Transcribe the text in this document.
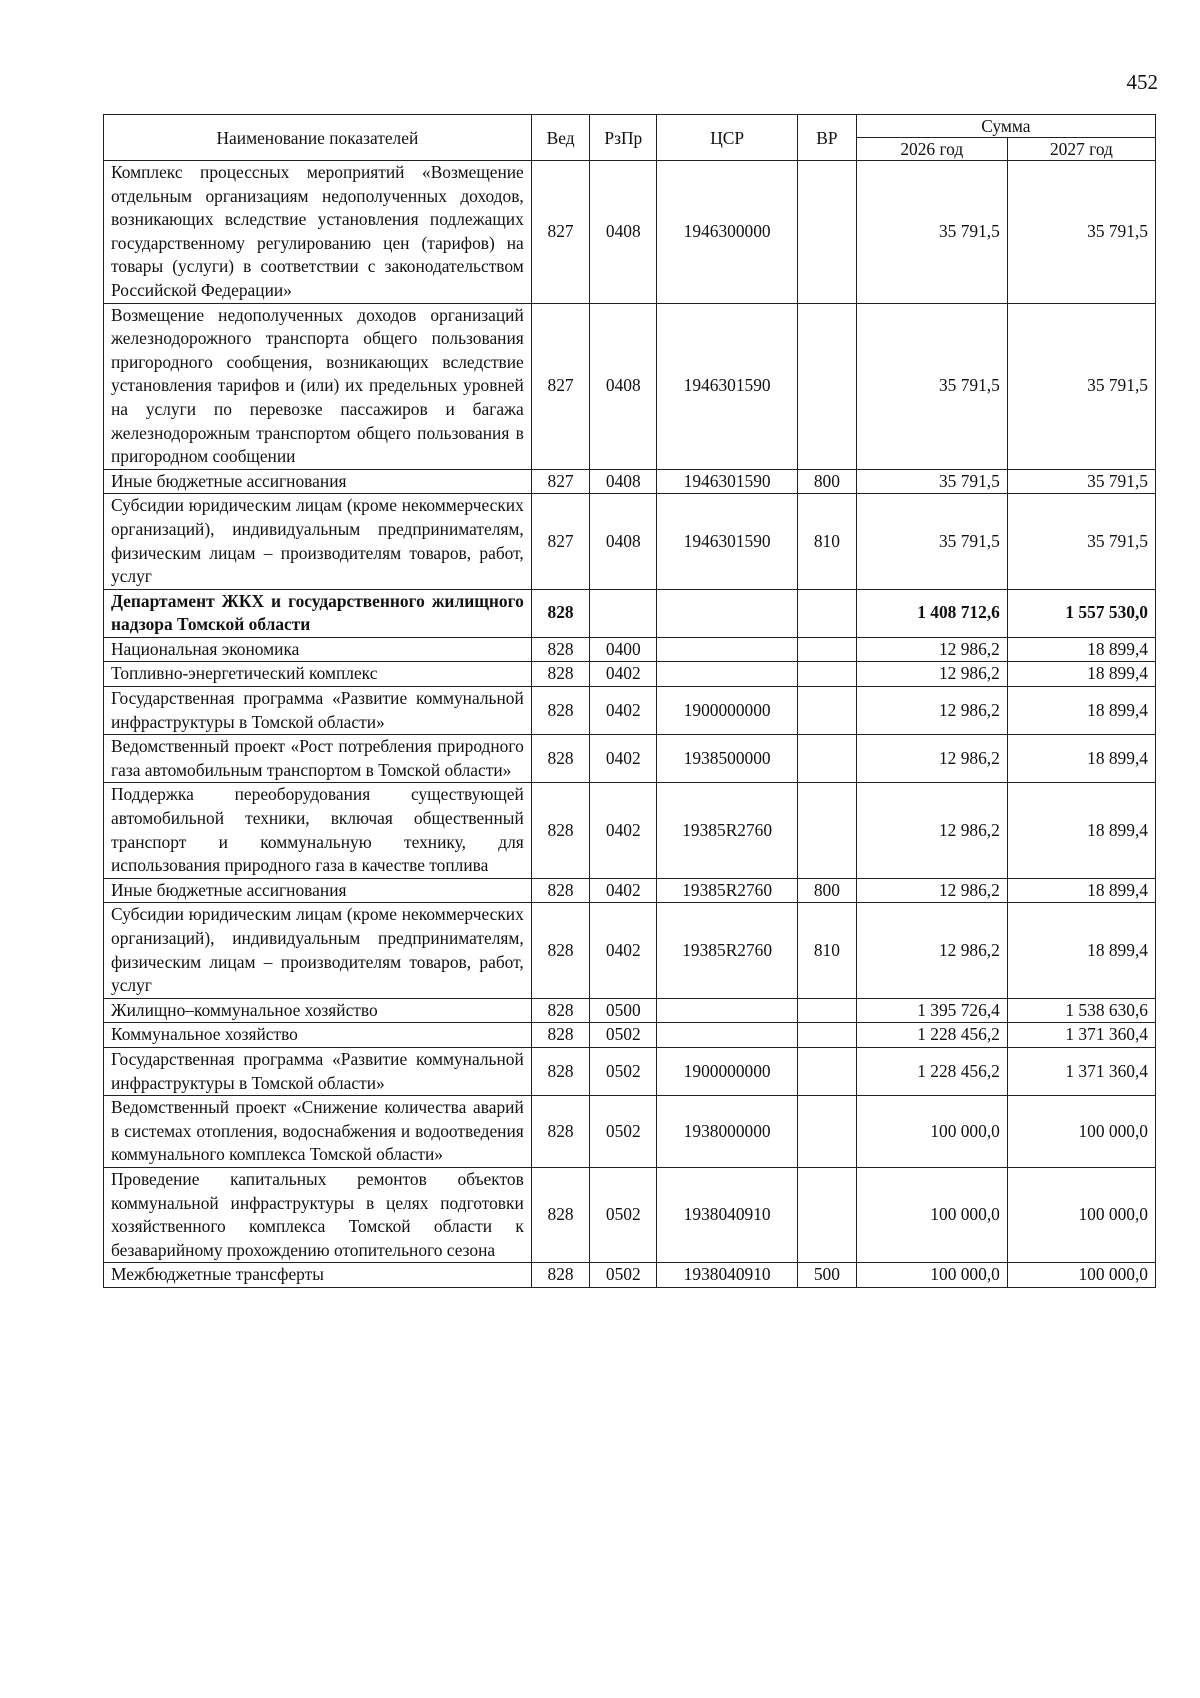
452
Наименование показателей	Вед	РзПр	ЦСР	ВР	Сумма	
					2026 год	2027 год
Комплекс процессных мероприятий «Возмещение отдельным организациям недополученных доходов, возникающих вследствие установления подлежащих государственному регулированию цен (тарифов) на товары (услуги) в соответствии с законодательством Российской Федерации»	827	0408	1946300000		35 791,5	35 791,5
Возмещение недополученных доходов организаций железнодорожного транспорта общего пользования пригородного сообщения, возникающих вследствие установления тарифов и (или) их предельных уровней на услуги по перевозке пассажиров и багажа железнодорожным транспортом общего пользования в пригородном сообщении	827	0408	1946301590		35 791,5	35 791,5
Иные бюджетные ассигнования	827	0408	1946301590	800	35 791,5	35 791,5
Субсидии юридическим лицам (кроме некоммерческих организаций), индивидуальным предпринимателям, физическим лицам – производителям товаров, работ, услуг	827	0408	1946301590	810	35 791,5	35 791,5
Департамент ЖКХ и государственного жилищного надзора Томской области	828				1 408 712,6	1 557 530,0
Национальная экономика	828	0400			12 986,2	18 899,4
Топливно-энергетический комплекс	828	0402			12 986,2	18 899,4
Государственная программа «Развитие коммунальной инфраструктуры в Томской области»	828	0402	1900000000		12 986,2	18 899,4
Ведомственный проект «Рост потребления природного газа автомобильным транспортом в Томской области»	828	0402	1938500000		12 986,2	18 899,4
Поддержка переоборудования существующей автомобильной техники, включая общественный транспорт и коммунальную технику, для использования природного газа в качестве топлива	828	0402	19385R2760		12 986,2	18 899,4
Иные бюджетные ассигнования	828	0402	19385R2760	800	12 986,2	18 899,4
Субсидии юридическим лицам (кроме некоммерческих организаций), индивидуальным предпринимателям, физическим лицам – производителям товаров, работ, услуг	828	0402	19385R2760	810	12 986,2	18 899,4
Жилищно–коммунальное хозяйство	828	0500			1 395 726,4	1 538 630,6
Коммунальное хозяйство	828	0502			1 228 456,2	1 371 360,4
Государственная программа «Развитие коммунальной инфраструктуры в Томской области»	828	0502	1900000000		1 228 456,2	1 371 360,4
Ведомственный проект «Снижение количества аварий в системах отопления, водоснабжения и водоотведения коммунального комплекса Томской области»	828	0502	1938000000		100 000,0	100 000,0
Проведение капитальных ремонтов объектов коммунальной инфраструктуры в целях подготовки хозяйственного комплекса Томской области к безаварийному прохождению отопительного сезона	828	0502	1938040910		100 000,0	100 000,0
Межбюджетные трансферты	828	0502	1938040910	500	100 000,0	100 000,0
